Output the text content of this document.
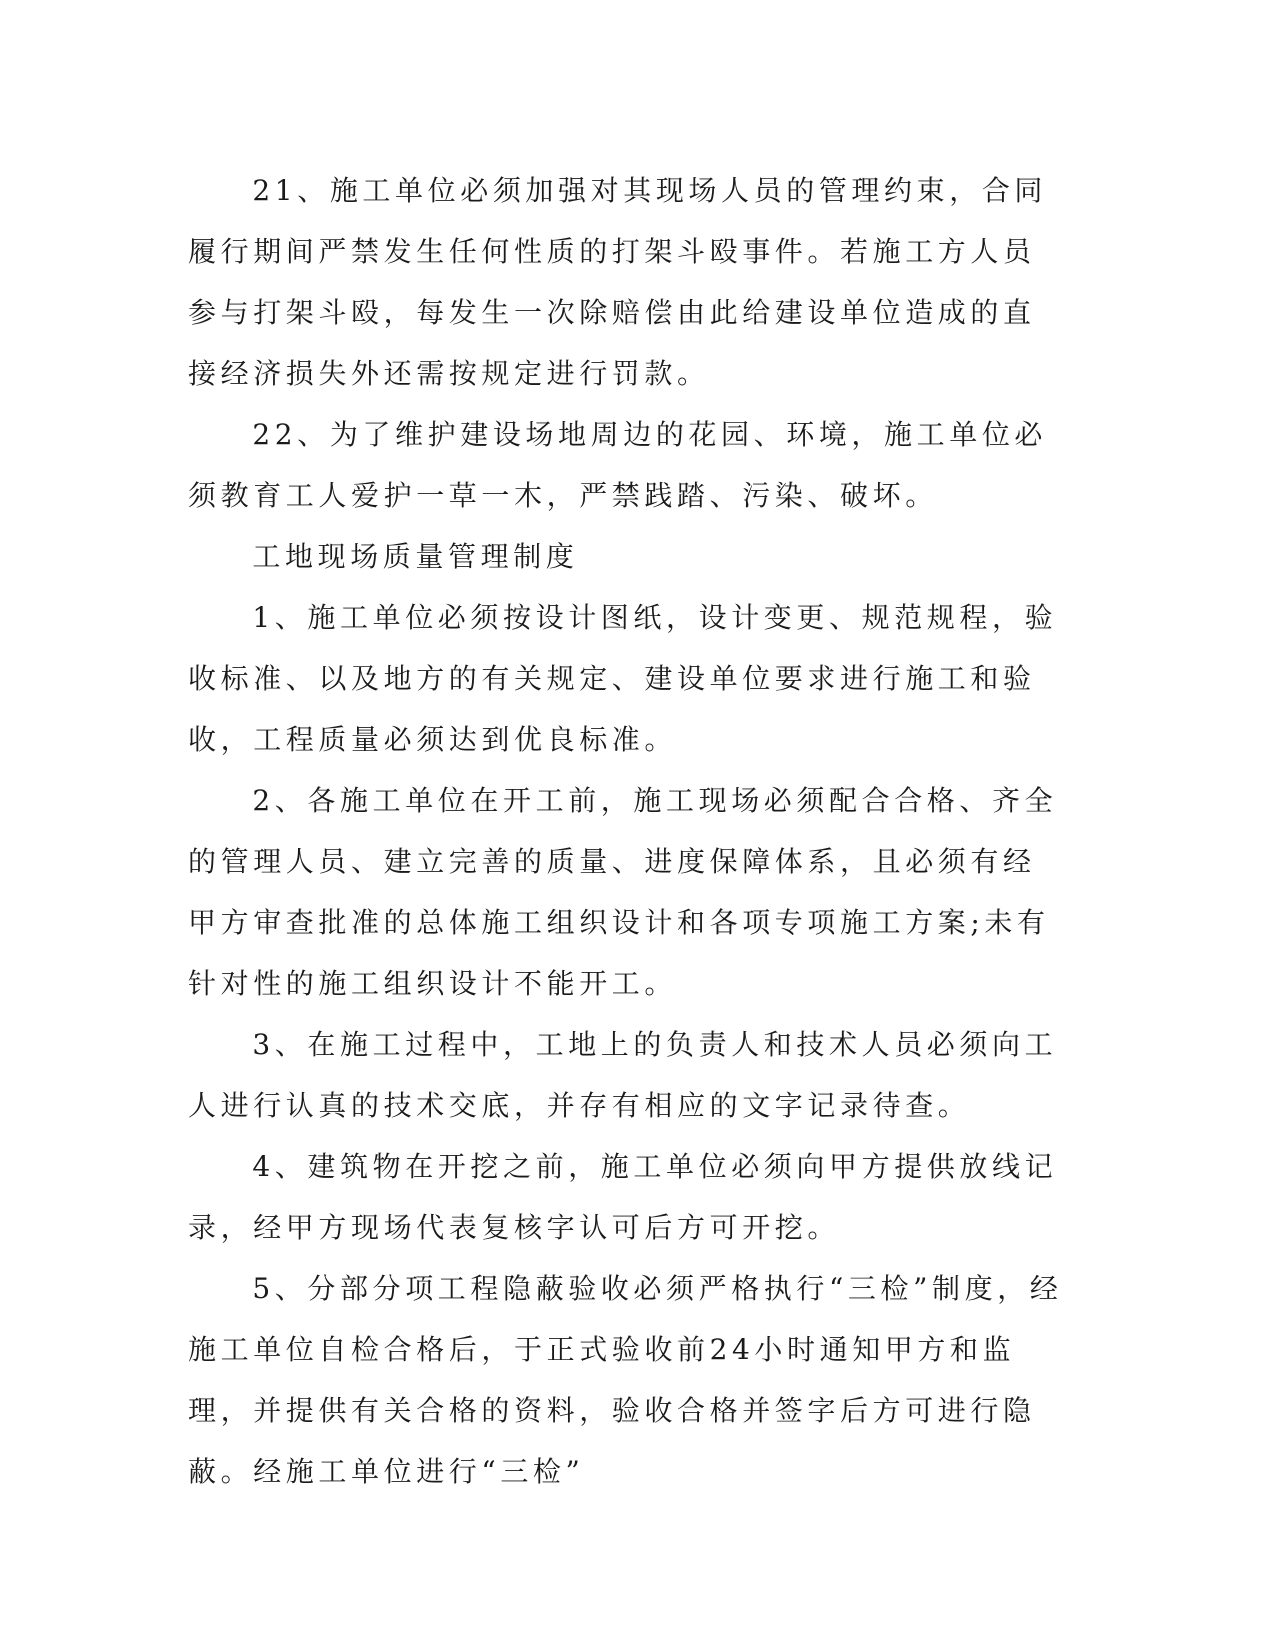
21、施工单位必须加强对其现场人员的管理约束，合同履行期间严禁发生任何性质的打架斗殴事件。若施工方人员参与打架斗殴，每发生一次除赔偿由此给建设单位造成的直接经济损失外还需按规定进行罚款。

22、为了维护建设场地周边的花园、环境，施工单位必须教育工人爱护一草一木，严禁践踏、污染、破坏。

工地现场质量管理制度

1、施工单位必须按设计图纸，设计变更、规范规程，验收标准、以及地方的有关规定、建设单位要求进行施工和验收，工程质量必须达到优良标准。

2、各施工单位在开工前，施工现场必须配合合格、齐全的管理人员、建立完善的质量、进度保障体系，且必须有经甲方审查批准的总体施工组织设计和各项专项施工方案;未有针对性的施工组织设计不能开工。

3、在施工过程中，工地上的负责人和技术人员必须向工人进行认真的技术交底，并存有相应的文字记录待查。

4、建筑物在开挖之前，施工单位必须向甲方提供放线记录，经甲方现场代表复核字认可后方可开挖。

5、分部分项工程隐蔽验收必须严格执行“三检”制度，经施工单位自检合格后，于正式验收前24小时通知甲方和监理，并提供有关合格的资料，验收合格并签字后方可进行隐蔽。经施工单位进行“三检”
